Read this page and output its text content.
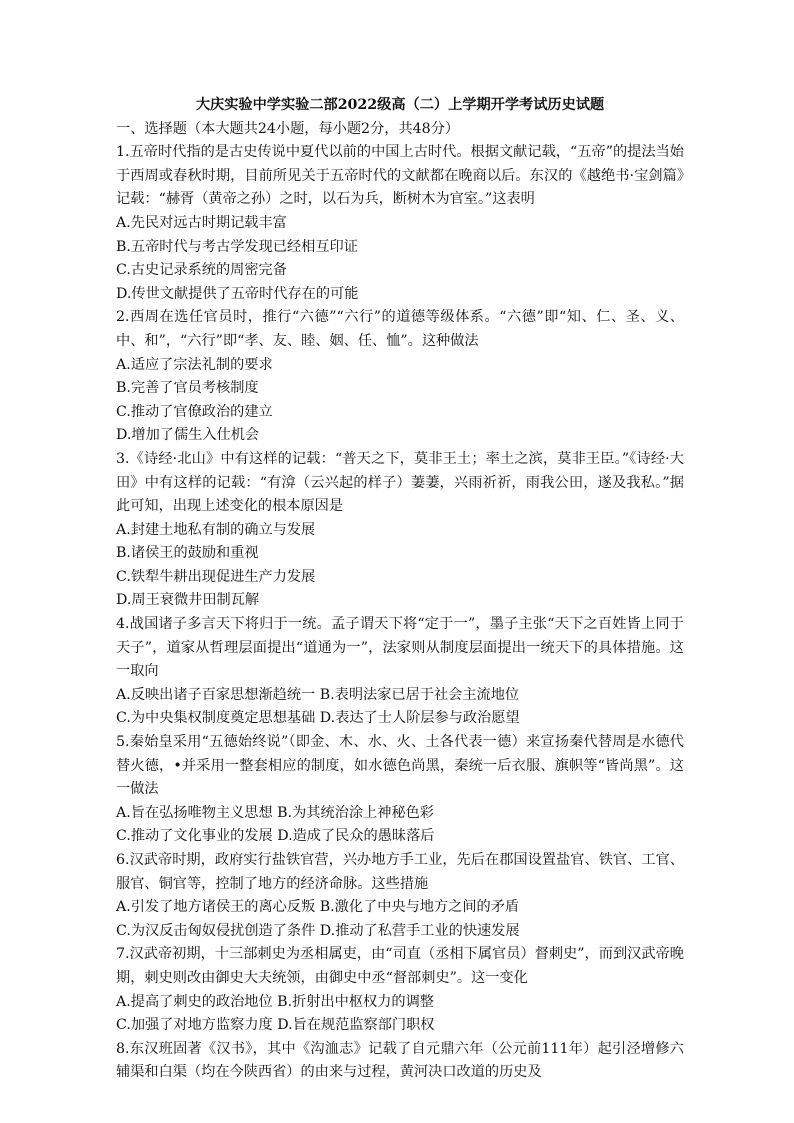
大庆实验中学实验二部2022级高（二）上学期开学考试历史试题

一、选择题（本大题共24小题，每小题2分，共48分）

1.五帝时代指的是古史传说中夏代以前的中国上古时代。根据文献记载，“五帝”的提法当始于西周或春秋时期，目前所见关于五帝时代的文献都在晚商以后。东汉的《越绝书·宝剑篇》记载：“赫胥（黄帝之孙）之时，以石为兵，断树木为官室。”这表明

A.先民对远古时期记载丰富

B.五帝时代与考古学发现已经相互印证

C.古史记录系统的周密完备

D.传世文献提供了五帝时代存在的可能

2.西周在选任官员时，推行“六德”“六行”的道德等级体系。“六德”即“知、仁、圣、义、中、和”，“六行”即“孝、友、睦、姻、任、恤”。这种做法

A.适应了宗法礼制的要求

B.完善了官员考核制度

C.推动了官僚政治的建立

D.增加了儒生入仕机会

3.《诗经·北山》中有这样的记载：“普天之下，莫非王土；率土之滨，莫非王臣。”《诗经·大田》中有这样的记载：“有渰（云兴起的样子）萋萋，兴雨祈祈，雨我公田，遂及我私。”据此可知，出现上述变化的根本原因是

A.封建土地私有制的确立与发展

B.诸侯王的鼓励和重视

C.铁犁牛耕出现促进生产力发展

D.周王衰微井田制瓦解

4.战国诸子多言天下将归于一统。孟子谓天下将“定于一”，墨子主张“天下之百姓皆上同于天子”，道家从哲理层面提出“道通为一”，法家则从制度层面提出一统天下的具体措施。这一取向

A.反映出诸子百家思想渐趋统一 B.表明法家已居于社会主流地位

C.为中央集权制度奠定思想基础 D.表达了士人阶层参与政治愿望

5.秦始皇采用“五德始终说”（即金、木、水、火、土各代表一德）来宣扬秦代替周是水德代替火德，•并采用一整套相应的制度，如水德色尚黑，秦统一后衣服、旗帜等“皆尚黑”。这一做法

A.旨在弘扬唯物主义思想 B.为其统治涂上神秘色彩

C.推动了文化事业的发展 D.造成了民众的愚昧落后

6.汉武帝时期，政府实行盐铁官营，兴办地方手工业，先后在郡国设置盐官、铁官、工官、服官、铜官等，控制了地方的经济命脉。这些措施

A.引发了地方诸侯王的离心反叛 B.激化了中央与地方之间的矛盾

C.为汉反击匈奴侵扰创造了条件 D.推动了私营手工业的快速发展

7.汉武帝初期，十三部刺史为丞相属吏，由“司直（丞相下属官员）督刺史”，而到汉武帝晚期，刺史则改由御史大夫统领，由御史中丞“督部刺史”。这一变化

A.提高了刺史的政治地位 B.折射出中枢权力的调整

C.加强了对地方监察力度 D.旨在规范监察部门职权

8.东汉班固著《汉书》，其中《沟洫志》记载了自元鼎六年（公元前111年）起引泾增修六辅渠和白渠（均在今陕西省）的由来与过程，黄河决口改道的历史及
